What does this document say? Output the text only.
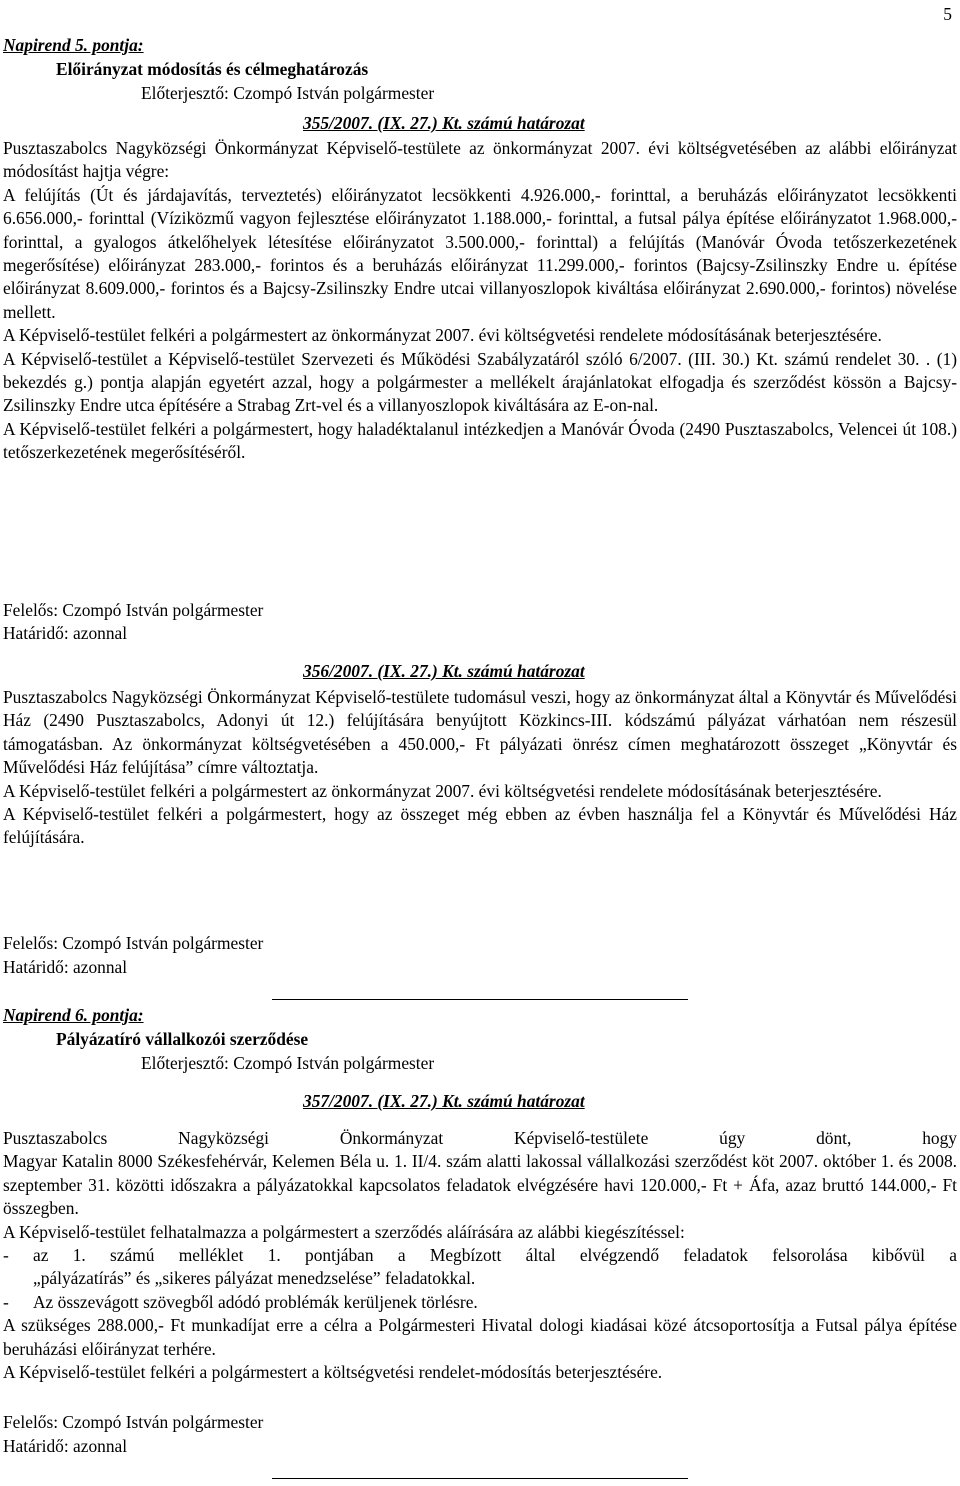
5
Napirend 5. pontja:
Előirányzat módosítás és célmeghatározás
Előterjesztő: Czompó István polgármester
355/2007. (IX. 27.) Kt. számú határozat

Pusztaszabolcs Nagyközségi Önkormányzat Képviselő-testülete az önkormányzat 2007. évi költségvetésében az alábbi előirányzat módosítást hajtja végre:

A felújítás (Út és járdajavítás, terveztetés) előirányzatot lecsökkenti 4.926.000,- forinttal, a beruházás előirányzatot lecsökkenti 6.656.000,- forinttal (Víziközmű vagyon fejlesztése előirányzatot 1.188.000,- forinttal, a futsal pálya építése előirányzatot 1.968.000,- forinttal, a gyalogos átkelőhelyek létesítése előirányzatot 3.500.000,- forinttal) a felújítás (Manóvár Óvoda tetőszerkezetének megerősítése) előirányzat 283.000,- forintos és a beruházás előirányzat 11.299.000,- forintos (Bajcsy-Zsilinszky Endre u. építése előirányzat 8.609.000,- forintos és a Bajcsy-Zsilinszky Endre utcai villanyoszlopok kiváltása előirányzat 2.690.000,- forintos) növelése mellett.

A Képviselő-testület felkéri a polgármestert az önkormányzat 2007. évi költségvetési rendelete módosításának beterjesztésére.

A Képviselő-testület a Képviselő-testület Szervezeti és Működési Szabályzatáról szóló 6/2007. (III. 30.) Kt. számú rendelet 30. . (1) bekezdés g.) pontja alapján egyetért azzal, hogy a polgármester a mellékelt árajánlatokat elfogadja és szerződést kössön a Bajcsy-Zsilinszky Endre utca építésére a Strabag Zrt-vel és a villanyoszlopok kiváltására az E-on-nal.

A Képviselő-testület felkéri a polgármestert, hogy haladéktalanul intézkedjen a Manóvár Óvoda (2490 Pusztaszabolcs, Velencei út 108.) tetőszerkezetének megerősítéséről.

Felelős: Czompó István polgármester
Határidő: azonnal
356/2007. (IX. 27.) Kt. számú határozat

Pusztaszabolcs Nagyközségi Önkormányzat Képviselő-testülete tudomásul veszi, hogy az önkormányzat által a Könyvtár és Művelődési Ház (2490 Pusztaszabolcs, Adonyi út 12.) felújítására benyújtott Közkincs-III. kódszámú pályázat várhatóan nem részesül támogatásban. Az önkormányzat költségvetésében a 450.000,- Ft pályázati önrész címen meghatározott összeget „Könyvtár és Művelődési Ház felújítása” címre változtatja.

A Képviselő-testület felkéri a polgármestert az önkormányzat 2007. évi költségvetési rendelete módosításának beterjesztésére.

A Képviselő-testület felkéri a polgármestert, hogy az összeget még ebben az évben használja fel a Könyvtár és Művelődési Ház felújítására.

Felelős: Czompó István polgármester
Határidő: azonnal
Napirend 6. pontja:
Pályázatíró vállalkozói szerződése
Előterjesztő: Czompó István polgármester
357/2007. (IX. 27.) Kt. számú határozat

Pusztaszabolcs Nagyközségi Önkormányzat Képviselő-testülete úgy dönt, hogy

Magyar Katalin 8000 Székesfehérvár, Kelemen Béla u. 1. II/4. szám alatti lakossal vállalkozási szerződést köt 2007. október 1. és 2008. szeptember 31. közötti időszakra a pályázatokkal kapcsolatos feladatok elvégzésére havi 120.000,- Ft + Áfa, azaz bruttó 144.000,- Ft összegben.

A Képviselő-testület felhatalmazza a polgármestert a szerződés aláírására az alábbi kiegészítéssel:

- az 1. számú melléklet 1. pontjában a Megbízott által elvégzendő feladatok felsorolása kibővül a

„pályázatírás” és „sikeres pályázat menedzselése” feladatokkal.

- Az összevágott szövegből adódó problémák kerüljenek törlésre.

A szükséges 288.000,- Ft munkadíjat erre a célra a Polgármesteri Hivatal dologi kiadásai közé átcsoportosítja a Futsal pálya építése beruházási előirányzat terhére.

A Képviselő-testület felkéri a polgármestert a költségvetési rendelet-módosítás beterjesztésére.

Felelős: Czompó István polgármester
Határidő: azonnal
